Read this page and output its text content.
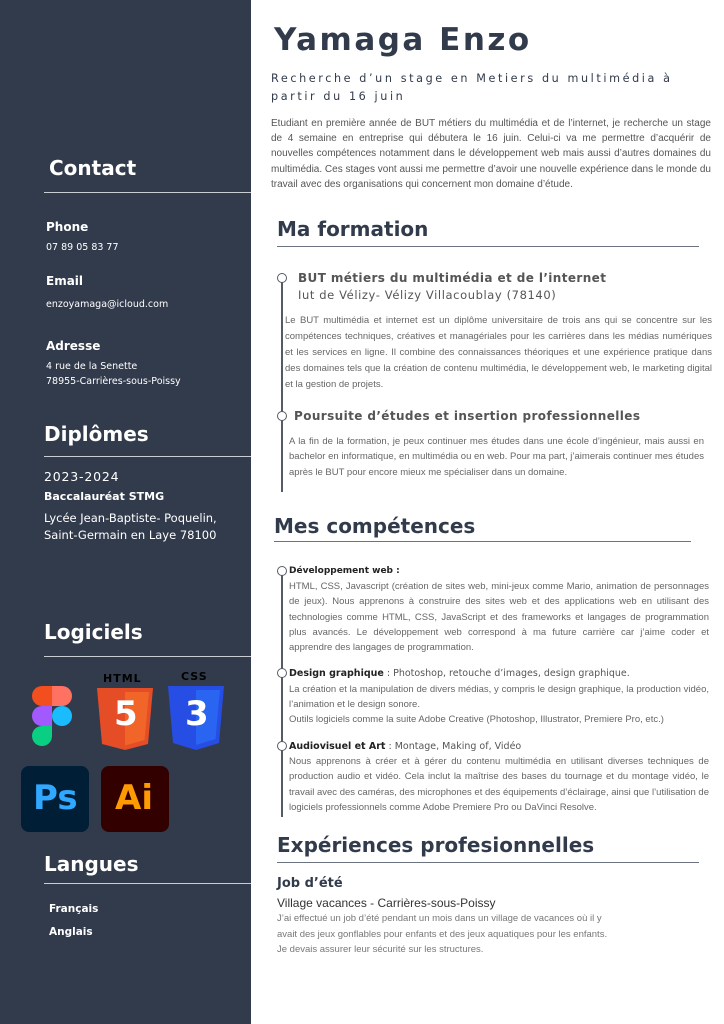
Contact
Phone
07 89 05 83 77
Email
enzoyamaga@icloud.com
Adresse
4 rue de la Senette
78955-Carrières-sous-Poissy
Diplômes
2023-2024
Baccalauréat STMG
Lycée Jean-Baptiste- Poquelin,
Saint-Germain en Laye 78100
Logiciels
HTML
5
CSS
3
Ps Ai
Langues
Français
Anglais
Yamaga Enzo
Recherche d’un stage en Metiers du multimédia à partir du 16 juin
Etudiant en première année de BUT métiers du multimédia et de l’internet, je recherche un stage de 4 semaine en entreprise qui débutera le 16 juin. Celui-ci va me permettre d’acquérir de nouvelles compétences notamment dans le développement web mais aussi d’autres domaines du multimédia. Ces stages vont aussi me permettre d’avoir une nouvelle expérience dans le monde du travail avec des organisations qui concernent mon domaine d’étude.
Ma formation
BUT métiers du multimédia et de l’internet
Iut de Vélizy- Vélizy Villacoublay (78140)
Le BUT multimédia et internet est un diplôme universitaire de trois ans qui se concentre sur les compétences techniques, créatives et managériales pour les carrières dans les médias numériques et les services en ligne. Il combine des connaissances théoriques et une expérience pratique dans des domaines tels que la création de contenu multimédia, le développement web, le marketing digital et la gestion de projets.
Poursuite d’études et insertion professionnelles
A la fin de la formation, je peux continuer mes études dans une école d’ingénieur, mais aussi en bachelor en informatique, en multimédia ou en web. Pour ma part, j’aimerais continuer mes études après le BUT pour encore mieux me spécialiser dans un domaine.
Mes compétences
Développement web :
HTML, CSS, Javascript (création de sites web, mini-jeux comme Mario, animation de personnages de jeux). Nous apprenons à construire des sites web et des applications web en utilisant des technologies comme HTML, CSS, JavaScript et des frameworks et langages de programmation plus avancés. Le développement web correspond à ma future carrière car j’aime coder et apprendre des langages de programmation.
Design graphique : Photoshop, retouche d’images, design graphique.
La création et la manipulation de divers médias, y compris le design graphique, la production vidéo, l’animation et le design sonore.
Outils logiciels comme la suite Adobe Creative (Photoshop, Illustrator, Premiere Pro, etc.)
Audiovisuel et Art : Montage, Making of, Vidéo
Nous apprenons à créer et à gérer du contenu multimédia en utilisant diverses techniques de production audio et vidéo. Cela inclut la maîtrise des bases du tournage et du montage vidéo, le travail avec des caméras, des microphones et des équipements d’éclairage, ainsi que l’utilisation de logiciels professionnels comme Adobe Premiere Pro ou DaVinci Resolve.
Expériences profesionnelles
Job d’été
Village vacances - Carrières-sous-Poissy
J’ai effectué un job d’été pendant un mois dans un village de vacances où il y
avait des jeux gonflables pour enfants et des jeux aquatiques pour les enfants.
Je devais assurer leur sécurité sur les structures.
